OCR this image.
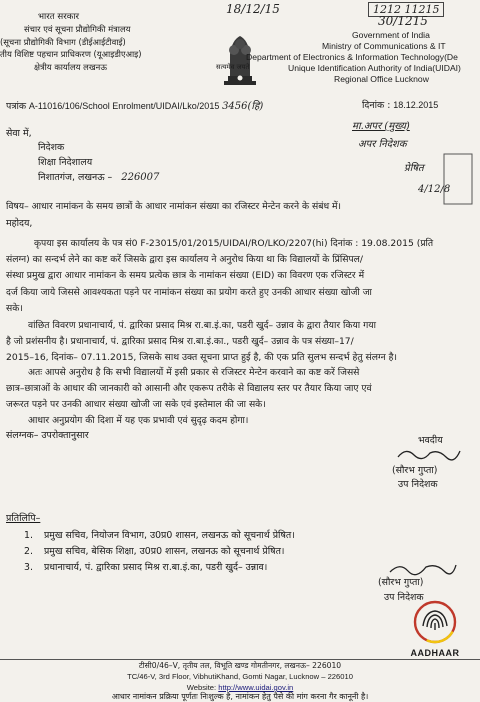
18/12/15	1212 11215
30/1215
भारत सरकार
संचार एवं सूचना प्रौद्योगिकी मंत्रालय
(सूचना प्रौद्योगिकी विभाग (डीईआईटीवाई)
तीय विशिष्ट पहचान प्राधिकरण (यूआइडीएआइ)
क्षेत्रीय कार्यालय लखनऊ	सत्यमेव जयते
Government of India
Ministry of Communications & IT
Department of Electronics & Information Technology(De
Unique Identification Authority of India(UIDAI)
Regional Office Lucknow
पत्रांक A-11016/106/School Enrolment/UIDAI/Lko/2015 3456(हि)	दिनांक : 18.12.2015
सेवा में,
निदेशक
शिक्षा निदेशालय
निशातगंज, लखनऊ – 226007
मा.अपर (मुख्य)
अपर निदेशक
प्रेषित
4/12/8
विषय– आधार नामांकन के समय छात्रों के आधार नामांकन संख्या का रजिस्टर मेन्टेन करने के संबंध में।
महोदय,
कृपया इस कार्यालय के पत्र सं0 F-23015/01/2015/UIDAI/RO/LKO/2207(hi) दिनांक : 19.08.2015 (प्रति
संलग्न) का सन्दर्भ लेने का कष्ट करें जिसके द्वारा इस कार्यालय ने अनुरोध किया था कि विद्यालयों के प्रिंसिपल/
संस्था प्रमुख द्वारा आधार नामांकन के समय प्रत्येक छात्र के नामांकन संख्या (EID) का विवरण एक रजिस्टर में
दर्ज किया जाये जिससे आवश्यकता पड़ने पर नामांकन संख्या का प्रयोग करते हुए उनकी आधार संख्या खोजी जा
सके।
वांछित विवरण प्रधानाचार्य, पं. द्वारिका प्रसाद मिश्र रा.बा.इं.का, पडरी खुर्द– उन्नाव के द्वारा तैयार किया गया
है जो प्रशंसनीय है। प्रधानाचार्य, पं. द्वारिका प्रसाद मिश्र रा.बा.इं.का., पडरी खुर्द– उन्नाव के पत्र संख्या–17/
2015–16, दिनांक– 07.11.2015, जिसके साथ उक्त सूचना प्राप्त हुई है, की एक प्रति सुलभ सन्दर्भ हेतु संलग्न है।
अतः आपसे अनुरोध है कि सभी विद्यालयों में इसी प्रकार से रजिस्टर मेन्टेन करवाने का कष्ट करें जिससे
छात्र–छात्राओं के आधार की जानकारी को आसानी और एकरूप तरीके से विद्यालय स्तर पर तैयार किया जाए एवं
जरूरत पड़ने पर उनकी आधार संख्या खोजी जा सके एवं इस्तेमाल की जा सके।
आधार अनुप्रयोग की दिशा में यह एक प्रभावी एवं सुदृढ़ कदम होगा।
संलग्नक– उपरोक्तानुसार	भवदीय
(सौरभ गुप्ता)
उप निदेशक
प्रतिलिपि–
1. प्रमुख सचिव, नियोजन विभाग, उ0प्र0 शासन, लखनऊ को सूचनार्थ प्रेषित।
2. प्रमुख सचिव, बेसिक शिक्षा, उ0प्र0 शासन, लखनऊ को सूचनार्थ प्रेषित।
3. प्रधानाचार्य, पं. द्वारिका प्रसाद मिश्र रा.बा.इं.का, पडरी खुर्द– उन्नाव।
(सौरभ गुप्ता)
उप निदेशक
AADHAAR
टीसी0/46–V, तृतीय तल, विभूति खण्ड गोमतीनगर, लखनऊ– 226010
TC/46-V, 3rd Floor, VibhutiKhand, Gomti Nagar, Lucknow – 226010
Website: http://www.uidai.gov.in
आधार नामांकन प्रक्रिया पूर्णतः निःशुल्क है, नामांकन हेतु पैसे की मांग करना गैर कानूनी है।
